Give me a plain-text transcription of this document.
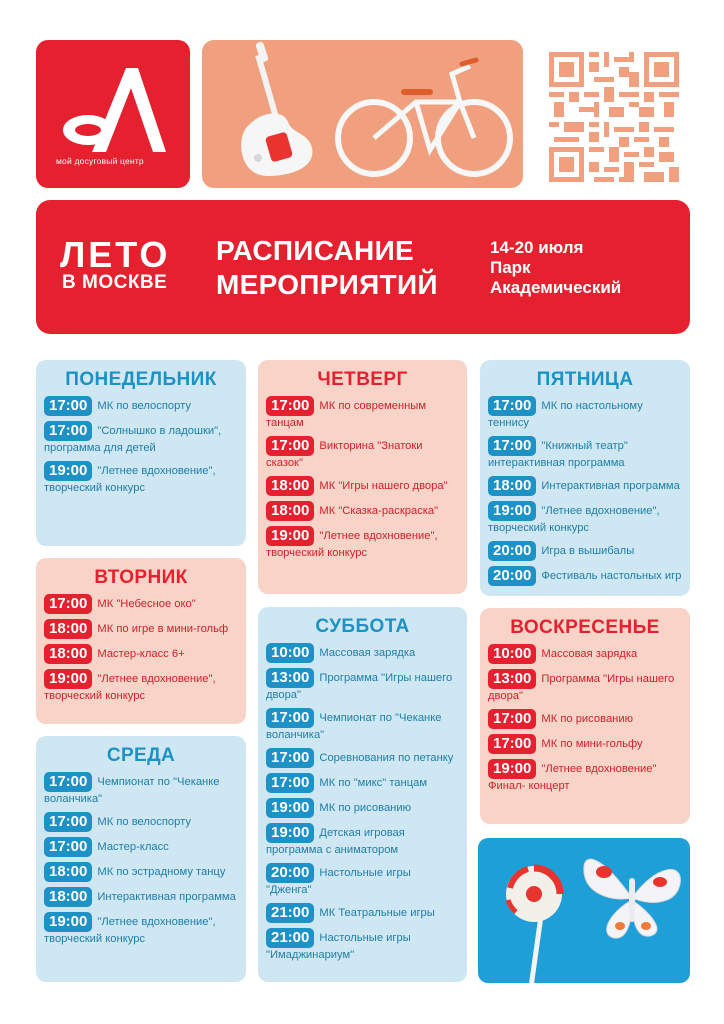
мой досуговый центр
ЛЕТО
В МОСКВЕ
РАСПИСАНИЕ
МЕРОПРИЯТИЙ
14-20 июля
Парк
Академический
ПОНЕДЕЛЬНИК
17:00 МК по велоспорту
17:00 "Солнышко в ладошки", программа для детей
19:00 "Летнее вдохновение", творческий конкурс
ВТОРНИК
17:00 МК "Небесное око"
18:00 МК по игре в мини-гольф
18:00 Мастер-класс 6+
19:00 "Летнее вдохновение", творческий конкурс
СРЕДА
17:00 Чемпионат по "Чеканке воланчика"
17:00 МК по велоспорту
17:00 Мастер-класс
18:00 МК по эстрадному танцу
18:00 Интерактивная программа
19:00 "Летнее вдохновение", творческий конкурс
ЧЕТВЕРГ
17:00 МК по современным танцам
17:00 Викторина "Знатоки сказок"
18:00 МК "Игры нашего двора"
18:00 МК "Сказка-раскраска"
19:00 "Летнее вдохновение", творческий конкурс
СУББОТА
10:00 Массовая зарядка
13:00 Программа "Игры нашего двора"
17:00 Чемпионат по "Чеканке воланчика"
17:00 Соревнования по петанку
17:00 МК по "микс" танцам
19:00 МК по рисованию
19:00 Детская игровая программа с аниматором
20:00 Настольные игры "Дженга"
21:00 МК Театральные игры
21:00 Настольные игры "Имаджинариум"
ПЯТНИЦА
17:00 МК по настольному теннису
17:00 "Книжный театр" интерактивная программа
18:00 Интерактивная программа
19:00 "Летнее вдохновение", творческий конкурс
20:00 Игра в вышибалы
20:00 Фестиваль настольных игр
ВОСКРЕСЕНЬЕ
10:00 Массовая зарядка
13:00 Программа "Игры нашего двора"
17:00 МК по рисованию
17:00 МК по мини-гольфу
19:00 "Летнее вдохновение" Финал- концерт
